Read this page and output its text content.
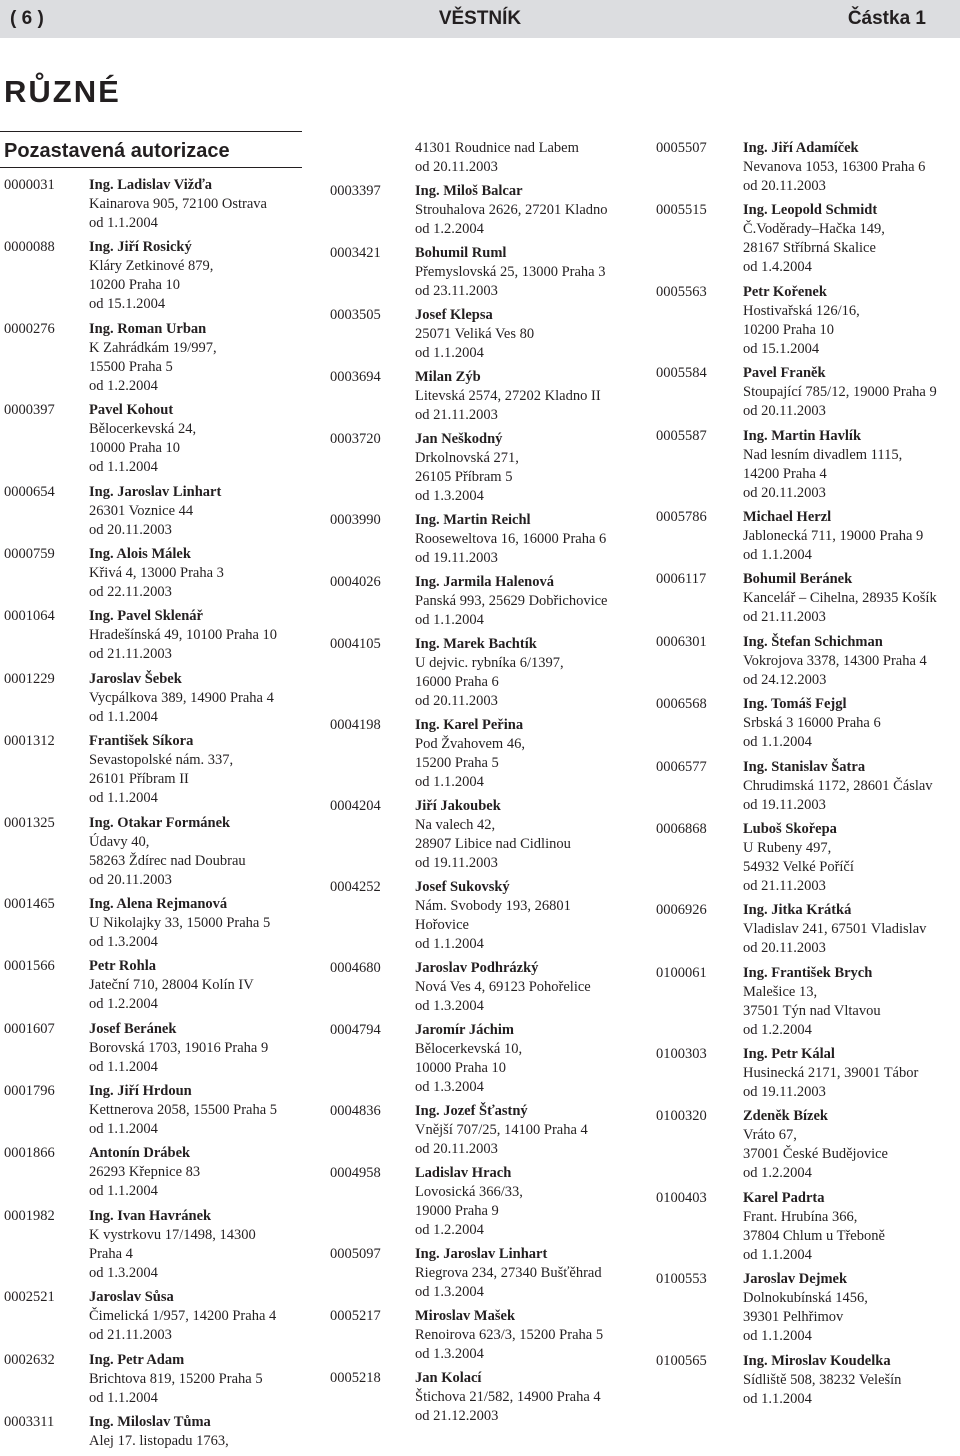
( 6 )	VĚSTNÍK	Částka 1
RŮZNÉ
Pozastavená autorizace
0000031 Ing. Ladislav Vižďa
Kainarova 905, 72100 Ostrava
od 1.1.2004
0000088 Ing. Jiří Rosický
Kláry Zetkinové 879,
10200 Praha 10
od 15.1.2004
0000276 Ing. Roman Urban
K Zahrádkám 19/997,
15500 Praha 5
od 1.2.2004
0000397 Pavel Kohout
Bělocerkevská 24,
10000 Praha 10
od 1.1.2004
0000654 Ing. Jaroslav Linhart
26301 Voznice 44
od 20.11.2003
0000759 Ing. Alois Málek
Křivá 4, 13000 Praha 3
od 22.11.2003
0001064 Ing. Pavel Sklenář
Hradešínská 49, 10100 Praha 10
od 21.11.2003
0001229 Jaroslav Šebek
Vycpálkova 389, 14900 Praha 4
od 1.1.2004
0001312 František Síkora
Sevastopolské nám. 337,
26101 Příbram II
od 1.1.2004
0001325 Ing. Otakar Formánek
Údavy 40,
58263 Ždírec nad Doubrau
od 20.11.2003
0001465 Ing. Alena Rejmanová
U Nikolajky 33, 15000 Praha 5
od 1.3.2004
0001566 Petr Rohla
Jateční 710, 28004 Kolín IV
od 1.2.2004
0001607 Josef Beránek
Borovská 1703, 19016 Praha 9
od 1.1.2004
0001796 Ing. Jiří Hrdoun
Kettnerova 2058, 15500 Praha 5
od 1.1.2004
0001866 Antonín Drábek
26293 Křepnice 83
od 1.1.2004
0001982 Ing. Ivan Havránek
K vystrkovu 17/1498, 14300
Praha 4
od 1.3.2004
0002521 Jaroslav Sůsa
Čimelická 1/957, 14200 Praha 4
od 21.11.2003
0002632 Ing. Petr Adam
Brichtova 819, 15200 Praha 5
od 1.1.2004
0003311 Ing. Miloslav Tůma
Alej 17. listopadu 1763,
41301 Roudnice nad Labem
od 20.11.2003
0003397 Ing. Miloš Balcar
Strouhalova 2626, 27201 Kladno
od 1.2.2004
0003421 Bohumil Ruml
Přemyslovská 25, 13000 Praha 3
od 23.11.2003
0003505 Josef Klepsa
25071 Veliká Ves 80
od 1.1.2004
0003694 Milan Zýb
Litevská 2574, 27202 Kladno II
od 21.11.2003
0003720 Jan Neškodný
Drkolnovská 271,
26105 Příbram 5
od 1.3.2004
0003990 Ing. Martin Reichl
Rooseweltova 16, 16000 Praha 6
od 19.11.2003
0004026 Ing. Jarmila Halenová
Panská 993, 25629 Dobřichovice
od 1.1.2004
0004105 Ing. Marek Bachtík
U dejvic. rybníka 6/1397,
16000 Praha 6
od 20.11.2003
0004198 Ing. Karel Peřina
Pod Žvahovem 46,
15200 Praha 5
od 1.1.2004
0004204 Jiří Jakoubek
Na valech 42,
28907 Libice nad Cidlinou
od 19.11.2003
0004252 Josef Sukovský
Nám. Svobody 193, 26801
Hořovice
od 1.1.2004
0004680 Jaroslav Podhrázký
Nová Ves 4, 69123 Pohořelice
od 1.3.2004
0004794 Jaromír Jáchim
Bělocerkevská 10,
10000 Praha 10
od 1.3.2004
0004836 Ing. Jozef Šťastný
Vnější 707/25, 14100 Praha 4
od 20.11.2003
0004958 Ladislav Hrach
Lovosická 366/33,
19000 Praha 9
od 1.2.2004
0005097 Ing. Jaroslav Linhart
Riegrova 234, 27340 Bušťěhrad
od 1.3.2004
0005217 Miroslav Mašek
Renoirova 623/3, 15200 Praha 5
od 1.3.2004
0005218 Jan Kolací
Štichova 21/582, 14900 Praha 4
od 21.12.2003
0005507	Ing. Jiří Adamíček
Nevanova 1053, 16300 Praha 6
od 20.11.2003
0005515	Ing. Leopold Schmidt
Č.Voděrady–Hačka 149,
28167 Stříbrná Skalice
od 1.4.2004
0005563	Petr Kořenek
Hostivařská 126/16,
10200 Praha 10
od 15.1.2004
0005584	Pavel Franěk
Stoupající 785/12, 19000 Praha 9
od 20.11.2003
0005587	Ing. Martin Havlík
Nad lesním divadlem 1115,
14200 Praha 4
od 20.11.2003
0005786	Michael Herzl
Jablonecká 711, 19000 Praha 9
od 1.1.2004
0006117	Bohumil Beránek
Kancelář – Cihelna, 28935 Košík
od 21.11.2003
0006301	Ing. Štefan Schichman
Vokrojova 3378, 14300 Praha 4
od 24.12.2003
0006568	Ing. Tomáš Fejgl
Srbská 3 16000 Praha 6
od 1.1.2004
0006577	Ing. Stanislav Šatra
Chrudimská 1172, 28601 Čáslav
od 19.11.2003
0006868	Luboš Skořepa
U Rubeny 497,
54932 Velké Poříčí
od 21.11.2003
0006926	Ing. Jitka Krátká
Vladislav 241, 67501 Vladislav
od 20.11.2003
0100061	Ing. František Brych
Malešice 13,
37501 Týn nad Vltavou
od 1.2.2004
0100303	Ing. Petr Kálal
Husinecká 2171, 39001 Tábor
od 19.11.2003
0100320	Zdeněk Bízek
Vráto 67,
37001 České Budějovice
od 1.2.2004
0100403	Karel Padrta
Frant. Hrubína 366,
37804 Chlum u Třeboně
od 1.1.2004
0100553	Jaroslav Dejmek
Dolnokubínská 1456,
39301 Pelhřimov
od 1.1.2004
0100565	Ing. Miroslav Koudelka
Sídliště 508, 38232 Velešín
od 1.1.2004
